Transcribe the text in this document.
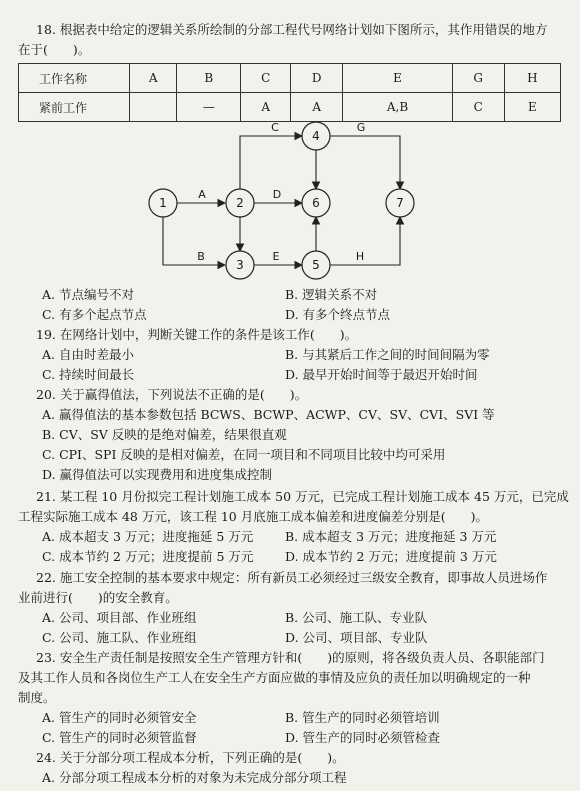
18. 根据表中给定的逻辑关系所绘制的分部工程代号网络计划如下图所示，其作用错误的地方
在于(　　)。
工作名称	A	B	C	D	E	G	H
紧前工作		—	A	A	A,B	C	E
1	2
3
4
5
6	7
A
C
D
B	E
G
H
A. 节点编号不对	B. 逻辑关系不对
C. 有多个起点节点	D. 有多个终点节点
19. 在网络计划中，判断关键工作的条件是该工作(　　)。
A. 自由时差最小	B. 与其紧后工作之间的时间间隔为零
C. 持续时间最长	D. 最早开始时间等于最迟开始时间
20. 关于赢得值法，下列说法不正确的是(　　)。
A. 赢得值法的基本参数包括 BCWS、BCWP、ACWP、CV、SV、CVI、SVI 等
B. CV、SV 反映的是绝对偏差，结果很直观
C. CPI、SPI 反映的是相对偏差，在同一项目和不同项目比较中均可采用
D. 赢得值法可以实现费用和进度集成控制
21. 某工程 10 月份拟完工程计划施工成本 50 万元，已完成工程计划施工成本 45 万元，已完成
工程实际施工成本 48 万元，该工程 10 月底施工成本偏差和进度偏差分别是(　　)。
A. 成本超支 3 万元；进度拖延 5 万元	B. 成本超支 3 万元；进度拖延 3 万元
C. 成本节约 2 万元；进度提前 5 万元	D. 成本节约 2 万元；进度提前 3 万元
22. 施工安全控制的基本要求中规定：所有新员工必须经过三级安全教育，即事故人员进场作
业前进行(　　)的安全教育。
A. 公司、项目部、作业班组	B. 公司、施工队、专业队
C. 公司、施工队、作业班组	D. 公司、项目部、专业队
23. 安全生产责任制是按照安全生产管理方针和(　　)的原则，将各级负责人员、各职能部门
及其工作人员和各岗位生产工人在安全生产方面应做的事情及应负的责任加以明确规定的一种
制度。
A. 管生产的同时必须管安全	B. 管生产的同时必须管培训
C. 管生产的同时必须管监督	D. 管生产的同时必须管检查
24. 关于分部分项工程成本分析，下列正确的是(　　)。
A. 分部分项工程成本分析的对象为未完成分部分项工程
